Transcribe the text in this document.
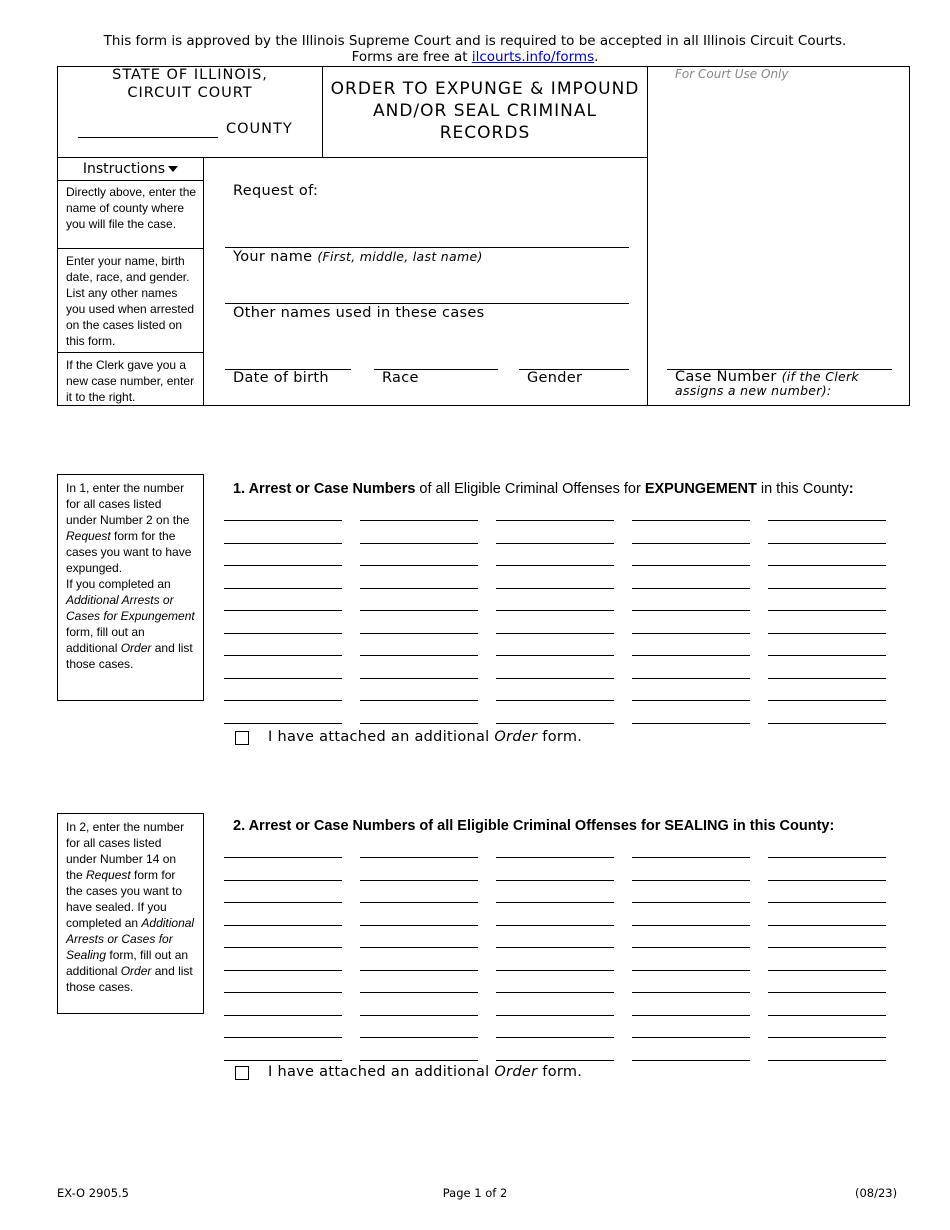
This form is approved by the Illinois Supreme Court and is required to be accepted in all Illinois Circuit Courts.
Forms are free at ilcourts.info/forms.
STATE OF ILLINOIS,
CIRCUIT COURT
COUNTY
ORDER TO EXPUNGE & IMPOUND AND/OR SEAL CRIMINAL RECORDS
For Court Use Only
Instructions
Directly above, enter the name of county where you will file the case.
Enter your name, birth date, race, and gender. List any other names you used when arrested on the cases listed on this form.
If the Clerk gave you a new case number, enter it to the right.
Request of:
Your name (First, middle, last name)
Other names used in these cases
Date of birth	Race	Gender	Case Number (if the Clerk assigns a new number):
In 1, enter the number for all cases listed under Number 2 on the Request form for the cases you want to have expunged.
If you completed an Additional Arrests or Cases for Expungement form, fill out an additional Order and list those cases.
1. Arrest or Case Numbers of all Eligible Criminal Offenses for EXPUNGEMENT in this County:
I have attached an additional Order form.
In 2, enter the number for all cases listed under Number 14 on the Request form for the cases you want to have sealed. If you completed an Additional Arrests or Cases for Sealing form, fill out an additional Order and list those cases.
2. Arrest or Case Numbers of all Eligible Criminal Offenses for SEALING in this County:
I have attached an additional Order form.
EX-O 2905.5	Page 1 of 2	(08/23)
